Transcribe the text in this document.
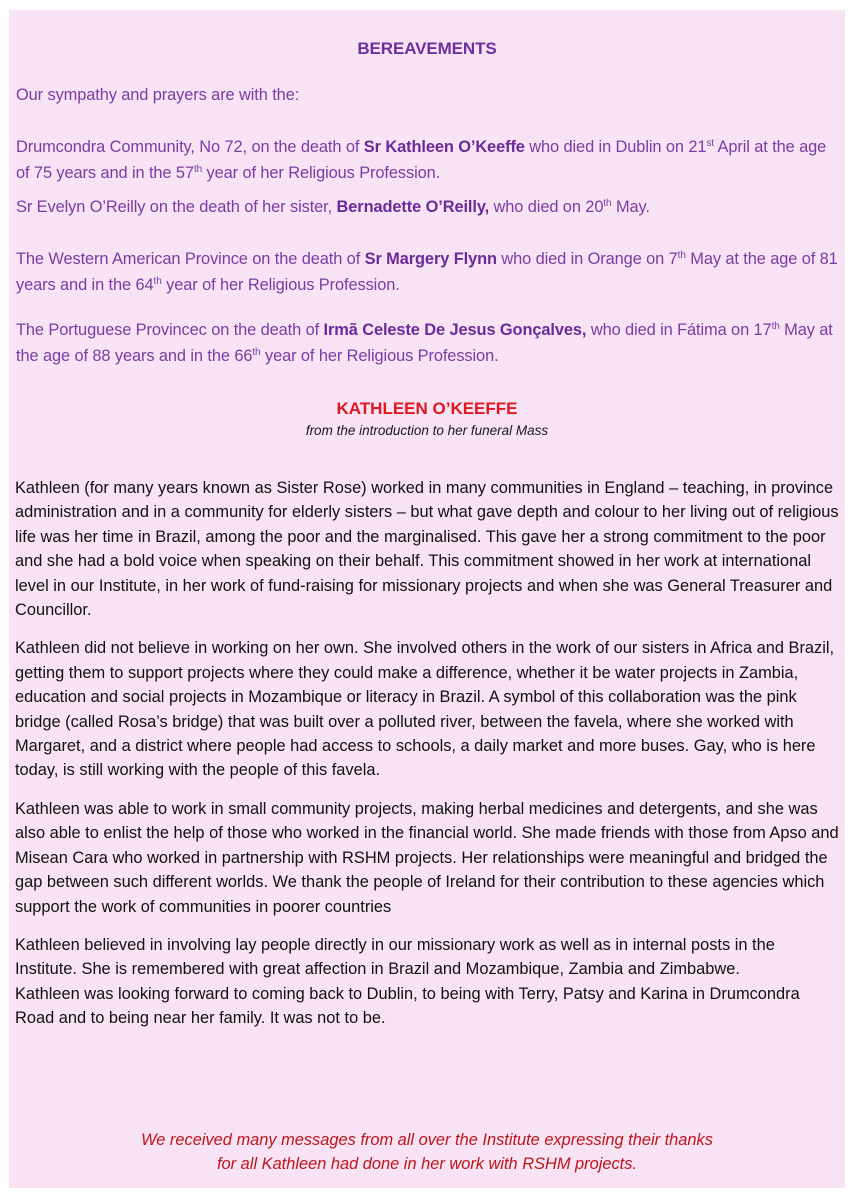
BEREAVEMENTS

Our sympathy and prayers are with the:

Drumcondra Community, No 72, on the death of Sr Kathleen O’Keeffe who died in Dublin on 21st April at the age of 75 years and in the 57th year of her Religious Profession.

Sr Evelyn O’Reilly on the death of her sister, Bernadette O’Reilly, who died on 20th May.

The Western American Province on the death of Sr Margery Flynn who died in Orange on 7th May at the age of 81 years and in the 64th year of her Religious Profession.

The Portuguese Provincec on the death of Irmã Celeste De Jesus Gonçalves, who died in Fátima on 17th May at the age of 88 years and in the 66th year of her Religious Profession.

KATHLEEN O’KEEFFE
from the introduction to her funeral Mass

Kathleen (for many years known as Sister Rose) worked in many communities in England – teaching, in province administration and in a community for elderly sisters – but what gave depth and colour to her living out of religious life was her time in Brazil, among the poor and the marginalised. This gave her a strong commitment to the poor and she had a bold voice when speaking on their behalf. This commitment showed in her work at international level in our Institute, in her work of fund-raising for missionary projects and when she was General Treasurer and Councillor.

Kathleen did not believe in working on her own. She involved others in the work of our sisters in Africa and Brazil, getting them to support projects where they could make a difference, whether it be water projects in Zambia, education and social projects in Mozambique or literacy in Brazil. A symbol of this collaboration was the pink bridge (called Rosa’s bridge) that was built over a polluted river, between the favela, where she worked with Margaret, and a district where people had access to schools, a daily market and more buses. Gay, who is here today, is still working with the people of this favela.

Kathleen was able to work in small community projects, making herbal medicines and detergents, and she was also able to enlist the help of those who worked in the financial world. She made friends with those from Apso and Misean Cara who worked in partnership with RSHM projects. Her relationships were meaningful and bridged the gap between such different worlds. We thank the people of Ireland for their contribution to these agencies which support the work of communities in poorer countries

Kathleen believed in involving lay people directly in our missionary work as well as in internal posts in the Institute. She is remembered with great affection in Brazil and Mozambique, Zambia and Zimbabwe.

Kathleen was looking forward to coming back to Dublin, to being with Terry, Patsy and Karina in Drumcondra Road and to being near her family. It was not to be.

We received many messages from all over the Institute expressing their thanks
for all Kathleen had done in her work with RSHM projects.
